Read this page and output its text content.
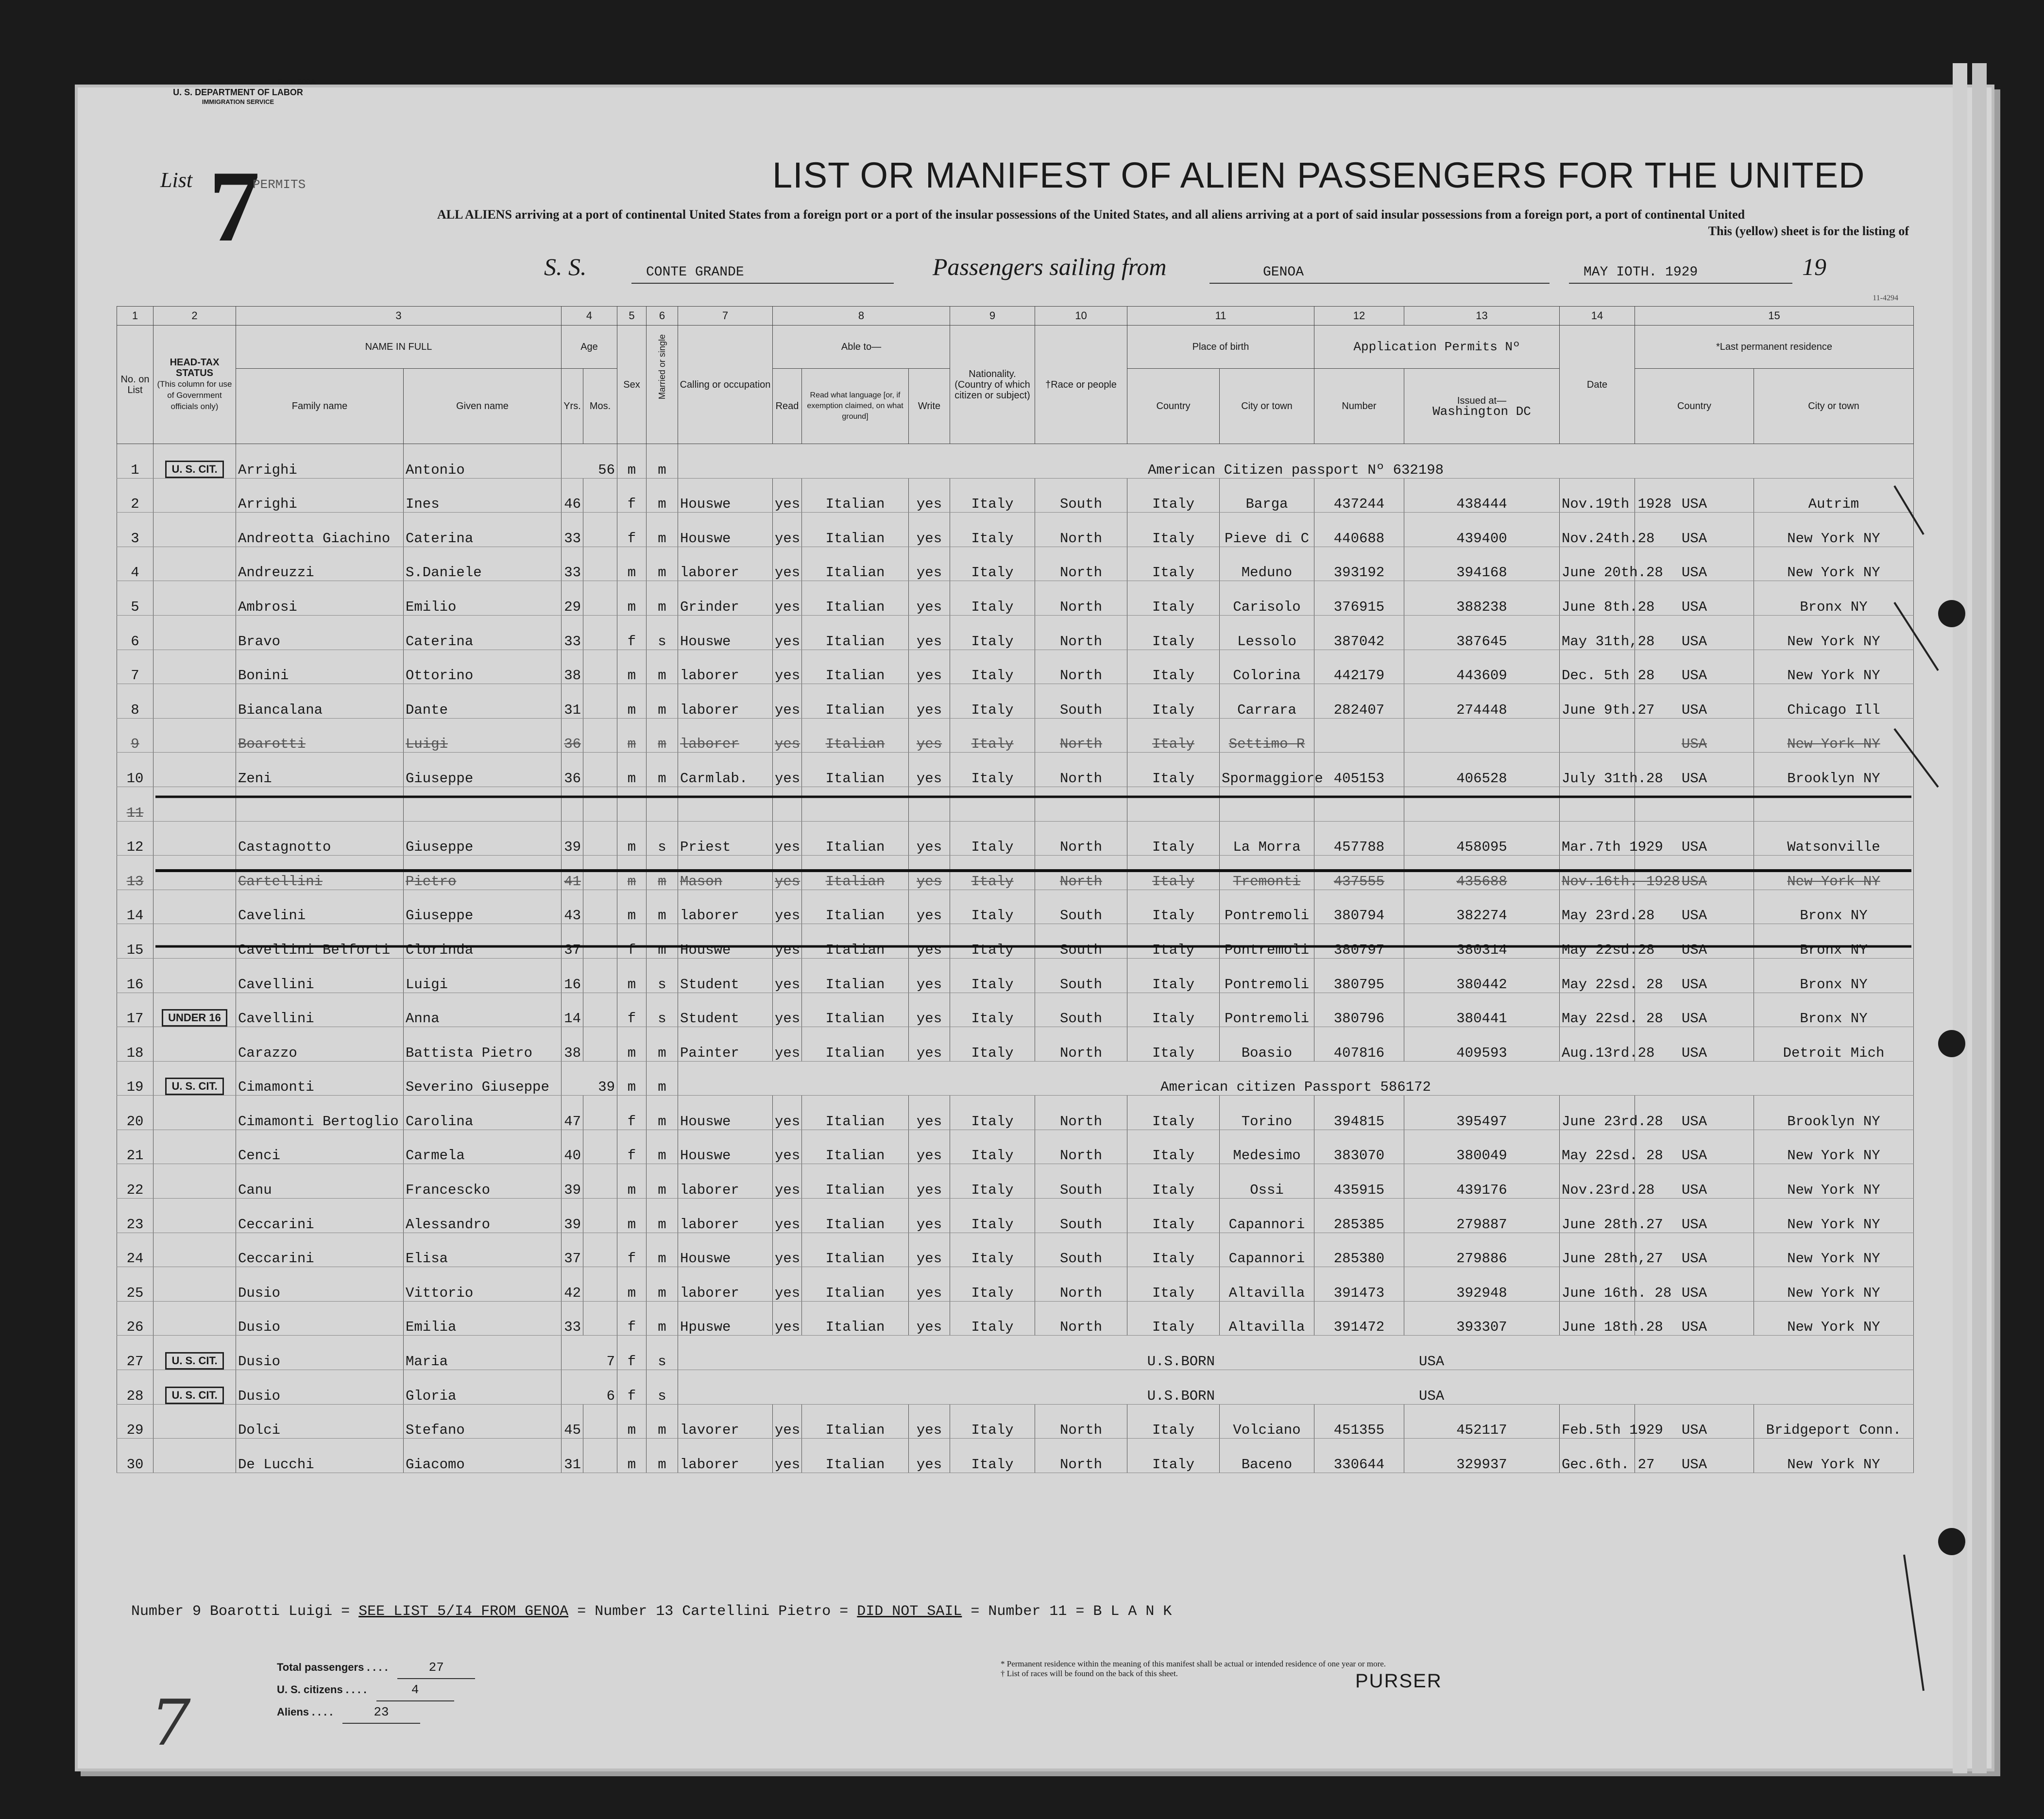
Form 500A
U. S. DEPARTMENT OF LABOR
IMMIGRATION SERVICE
List 7
PERMITS	LIST OR MANIFEST OF ALIEN PASSENGERS FOR THE UNITED
ALL ALIENS arriving at a port of continental United States from a foreign port or a port of the insular possessions of the United States, and all aliens arriving at a port of said insular possessions from a foreign port, a port of continental United
This (yellow) sheet is for the listing of
S. S.	CONTE GRANDE	Passengers sailing from	GENOA	MAY IOTH. 1929	19
11-4294
1	2	3		4		5	6	7	8			9	10	11		12	13	14	15	
No. on List	HEAD-TAX STATUS
(This column for use of Government officials only)	NAME IN FULL		Age		Sex	Married or single	Calling or occupation	Able to—			Nationality. (Country of which citizen or subject)	†Race or people	Place of birth		Application Permits Nº		Date	*Last permanent residence	
		Family name	Given name	Yrs.	Mos.				Read	Read what language [or, if exemption claimed, on what ground]	Write			Country	City or town	Number	Issued at—
Washington DC		Country	City or town
1	U. S. CIT.	Arrighi	Antonio	56		m	m	American Citizen passport Nº 632198												
2		Arrighi	Ines	46		f	m	Houswe	yes	Italian	yes	Italy	South	Italy	Barga	437244	438444	Nov.19th 1928	USA	Autrim
3		Andreotta Giachino	Caterina	33		f	m	Houswe	yes	Italian	yes	Italy	North	Italy	Pieve di C	440688	439400	Nov.24th.28	USA	New York NY
4		Andreuzzi	S.Daniele	33		m	m	laborer	yes	Italian	yes	Italy	North	Italy	Meduno	393192	394168	June 20th.28	USA	New York NY
5		Ambrosi	Emilio	29		m	m	Grinder	yes	Italian	yes	Italy	North	Italy	Carisolo	376915	388238	June 8th.28	USA	Bronx NY
6		Bravo	Caterina	33		f	s	Houswe	yes	Italian	yes	Italy	North	Italy	Lessolo	387042	387645	May 31th,28	USA	New York NY
7		Bonini	Ottorino	38		m	m	laborer	yes	Italian	yes	Italy	North	Italy	Colorina	442179	443609	Dec. 5th 28	USA	New York NY
8		Biancalana	Dante	31		m	m	laborer	yes	Italian	yes	Italy	South	Italy	Carrara	282407	274448	June 9th.27	USA	Chicago Ill
9		Boarotti	Luigi	36		m	m	laborer	yes	Italian	yes	Italy	North	Italy	Settimo R				USA	New York NY
10		Zeni	Giuseppe	36		m	m	Carmlab.	yes	Italian	yes	Italy	North	Italy	Spormaggiore	405153	406528	July 31th.28	USA	Brooklyn NY
11																				
12		Castagnotto	Giuseppe	39		m	s	Priest	yes	Italian	yes	Italy	North	Italy	La Morra	457788	458095	Mar.7th 1929	USA	Watsonville
13		Cartellini	Pietro	41		m	m	Mason	yes	Italian	yes	Italy	North	Italy	Tremonti	437555	435688	Nov.16th. 1928	USA	New York NY
14		Cavelini	Giuseppe	43		m	m	laborer	yes	Italian	yes	Italy	South	Italy	Pontremoli	380794	382274	May 23rd.28	USA	Bronx NY
15		Cavellini Belforti	Clorinda	37		f	m	Houswe	yes	Italian	yes	Italy	South	Italy	Pontremoli	380797	380314	May 22sd.28	USA	Bronx NY
16		Cavellini	Luigi	16		m	s	Student	yes	Italian	yes	Italy	South	Italy	Pontremoli	380795	380442	May 22sd. 28	USA	Bronx NY
17	UNDER 16	Cavellini	Anna	14		f	s	Student	yes	Italian	yes	Italy	South	Italy	Pontremoli	380796	380441	May 22sd. 28	USA	Bronx NY
18		Carazzo	Battista Pietro	38		m	m	Painter	yes	Italian	yes	Italy	North	Italy	Boasio	407816	409593	Aug.13rd.28	USA	Detroit Mich
19	U. S. CIT.	Cimamonti	Severino Giuseppe	39		m	m	American citizen Passport 586172												
20		Cimamonti Bertoglio	Carolina	47		f	m	Houswe	yes	Italian	yes	Italy	North	Italy	Torino	394815	395497	June 23rd.28	USA	Brooklyn NY
21		Cenci	Carmela	40		f	m	Houswe	yes	Italian	yes	Italy	North	Italy	Medesimo	383070	380049	May 22sd. 28	USA	New York NY
22		Canu	Francescko	39		m	m	laborer	yes	Italian	yes	Italy	South	Italy	Ossi	435915	439176	Nov.23rd.28	USA	New York NY
23		Ceccarini	Alessandro	39		m	m	laborer	yes	Italian	yes	Italy	South	Italy	Capannori	285385	279887	June 28th.27	USA	New York NY
24		Ceccarini	Elisa	37		f	m	Houswe	yes	Italian	yes	Italy	South	Italy	Capannori	285380	279886	June 28th,27	USA	New York NY
25		Dusio	Vittorio	42		m	m	laborer	yes	Italian	yes	Italy	North	Italy	Altavilla	391473	392948	June 16th. 28	USA	New York NY
26		Dusio	Emilia	33		f	m	Hpuswe	yes	Italian	yes	Italy	North	Italy	Altavilla	391472	393307	June 18th.28	USA	New York NY
27	U. S. CIT.	Dusio	Maria	7		f	s	U.S.BORN USA												
28	U. S. CIT.	Dusio	Gloria	6		f	s	U.S.BORN USA												
29		Dolci	Stefano	45		m	m	lavorer	yes	Italian	yes	Italy	North	Italy	Volciano	451355	452117	Feb.5th 1929	USA	Bridgeport Conn.
30		De Lucchi	Giacomo	31		m	m	laborer	yes	Italian	yes	Italy	North	Italy	Baceno	330644	329937	Gec.6th. 27	USA	New York NY
Number 9 Boarotti Luigi = SEE LIST 5/I4 FROM GENOA = Number 13 Cartellini Pietro = DID NOT SAIL = Number 11 = B L A N K
Total passengers . . . .	27
U. S. citizens . . . .	4
Aliens . . . .	23
* Permanent residence within the meaning of this manifest shall be actual or intended residence of one year or more.
† List of races will be found on the back of this sheet.	PURSER
7
